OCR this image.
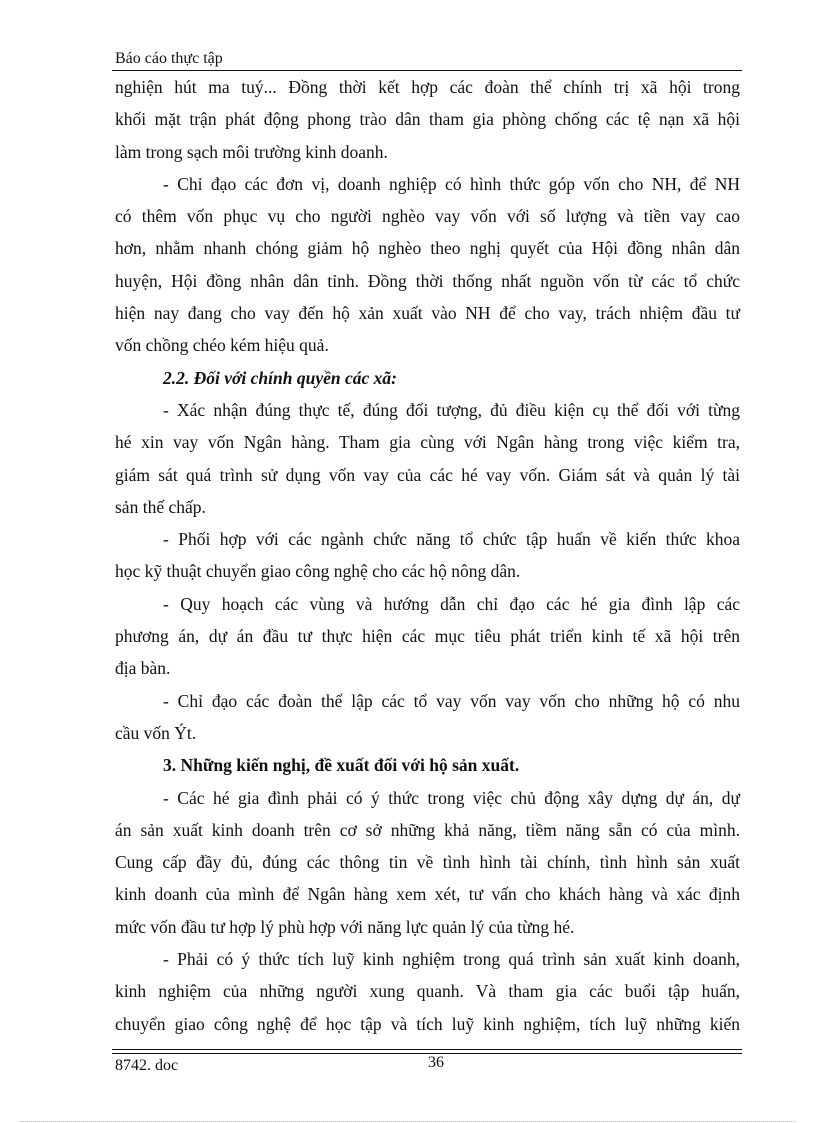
Báo cáo thực tập
nghiện hút ma tuý... Đồng thời kết hợp các đoàn thể chính trị xã hội trong
khối mặt trận phát động phong trào dân tham gia phòng chống các tệ nạn xã hội
làm trong sạch môi trường kinh doanh.
- Chỉ đạo các đơn vị, doanh nghiệp có hình thức góp vốn cho NH, để NH
có thêm vốn phục vụ cho người nghèo vay vốn với số lượng và tiền vay cao
hơn, nhằm nhanh chóng giảm hộ nghèo theo nghị quyết của Hội đồng nhân dân
huyện, Hội đồng nhân dân tỉnh. Đồng thời thống nhất nguồn vốn từ các tổ chức
hiện nay đang cho vay đến hộ xản xuất vào NH để cho vay, trách nhiệm đầu tư
vốn chồng chéo kém hiệu quả.
2.2. Đối với chính quyền các xã:
- Xác nhận đúng thực tế, đúng đối tượng, đủ điều kiện cụ thể đối với từng
hé xin vay vốn Ngân hàng. Tham gia cùng với Ngân hàng trong việc kiểm tra,
giám sát quá trình sử dụng vốn vay của các hé vay vốn. Giám sát và quản lý tài
sản thế chấp.
- Phối hợp với các ngành chức năng tổ chức tập huấn về kiến thức khoa
học kỹ thuật chuyển giao công nghệ cho các hộ nông dân.
- Quy hoạch các vùng và hướng dẫn chỉ đạo các hé gia đình lập các
phương án, dự án đầu tư thực hiện các mục tiêu phát triển kinh tế xã hội trên
địa bàn.
- Chỉ đạo các đoàn thể lập các tổ vay vốn vay vốn cho những hộ có nhu
cầu vốn Ýt.
3. Những kiến nghị, đề xuất đối với hộ sản xuất.
- Các hé gia đình phải có ý thức trong việc chủ động xây dựng dự án, dự
án sản xuất kinh doanh trên cơ sở những khả năng, tiềm năng sẵn có của mình.
Cung cấp đầy đủ, đúng các thông tin về tình hình tài chính, tình hình sản xuất
kinh doanh của mình để Ngân hàng xem xét, tư vấn cho khách hàng và xác định
mức vốn đầu tư hợp lý phù hợp với năng lực quản lý của từng hé.
- Phải có ý thức tích luỹ kinh nghiệm trong quá trình sản xuất kinh doanh,
kinh nghiệm của những người xung quanh. Và tham gia các buổi tập huấn,
chuyển giao công nghệ để học tập và tích luỹ kinh nghiệm, tích luỹ những kiến
8742. doc	36
